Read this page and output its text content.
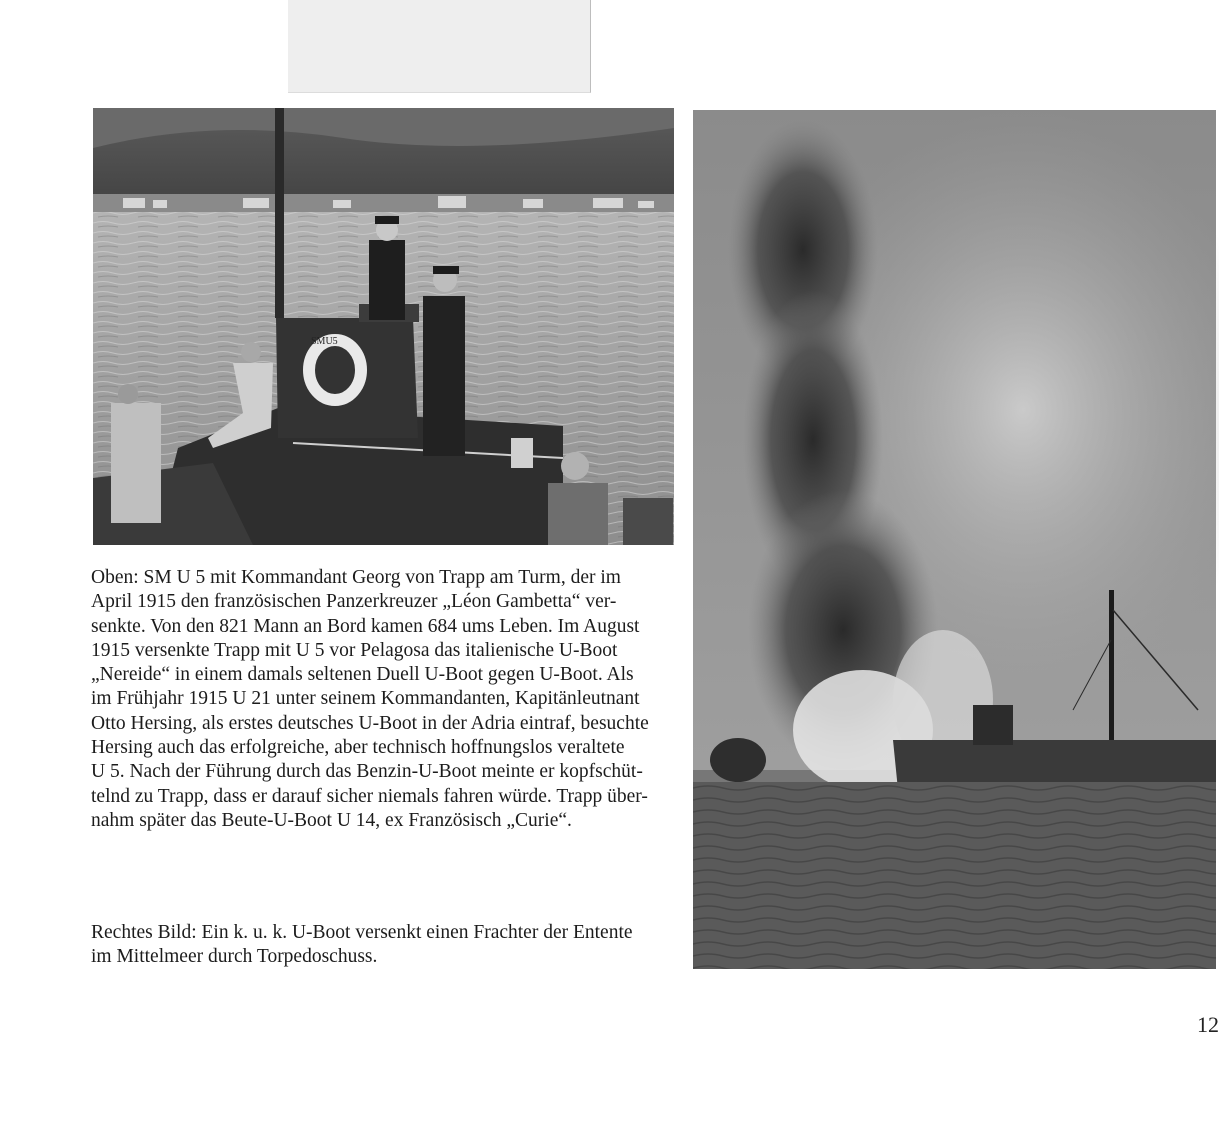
SMU5

Oben: SM U 5 mit Kommandant Georg von Trapp am Turm, der im
April 1915 den französischen Panzerkreuzer „Léon Gambetta“ ver-
senkte. Von den 821 Mann an Bord kamen 684 ums Leben. Im August
1915 versenkte Trapp mit U 5 vor Pelagosa das italienische U-Boot
„Nereide“ in einem damals seltenen Duell U-Boot gegen U-Boot. Als
im Frühjahr 1915 U 21 unter seinem Kommandanten, Kapitänleutnant
Otto Hersing, als erstes deutsches U-Boot in der Adria eintraf, besuchte
Hersing auch das erfolgreiche, aber technisch hoffnungslos veraltete
U 5. Nach der Führung durch das Benzin-U-Boot meinte er kopfschüt-
telnd zu Trapp, dass er darauf sicher niemals fahren würde. Trapp über-
nahm später das Beute-U-Boot U 14, ex Französisch „Curie“.

Rechtes Bild: Ein k. u. k. U-Boot versenkt einen Frachter der Entente
im Mittelmeer durch Torpedoschuss.

12
